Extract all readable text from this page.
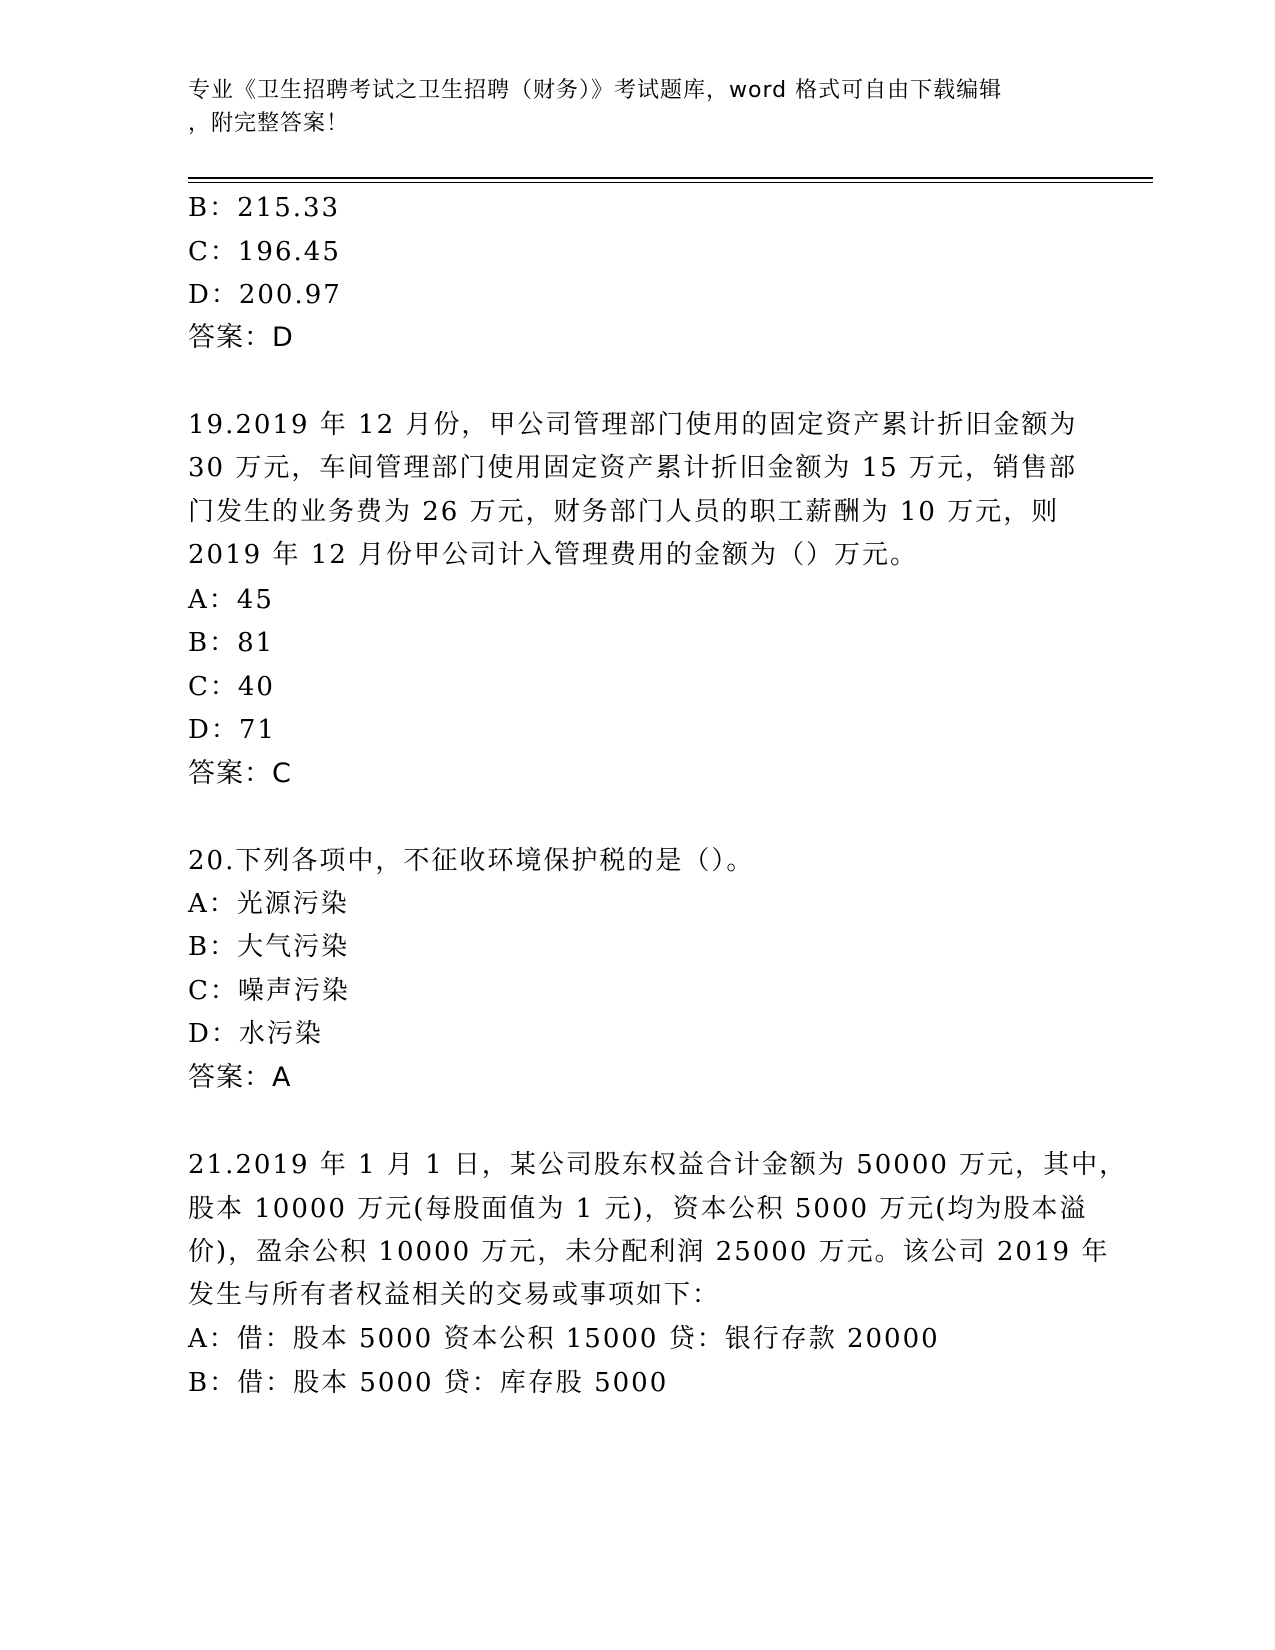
专业《卫生招聘考试之卫生招聘（财务）》考试题库，word 格式可自由下载编辑
，附完整答案！
B：215.33
C：196.45
D：200.97
答案：D
19.2019 年 12 月份，甲公司管理部门使用的固定资产累计折旧金额为
30 万元，车间管理部门使用固定资产累计折旧金额为 15 万元，销售部
门发生的业务费为 26 万元，财务部门人员的职工薪酬为 10 万元，则
2019 年 12 月份甲公司计入管理费用的金额为（）万元。
A：45
B：81
C：40
D：71
答案：C
20.下列各项中，不征收环境保护税的是（）。
A：光源污染
B：大气污染
C：噪声污染
D：水污染
答案：A
21.2019 年 1 月 1 日，某公司股东权益合计金额为 50000 万元，其中，
股本 10000 万元(每股面值为 1 元)，资本公积 5000 万元(均为股本溢
价)，盈余公积 10000 万元，未分配利润 25000 万元。该公司 2019 年
发生与所有者权益相关的交易或事项如下：
A：借：股本 5000 资本公积 15000 贷：银行存款 20000
B：借：股本 5000 贷：库存股 5000
